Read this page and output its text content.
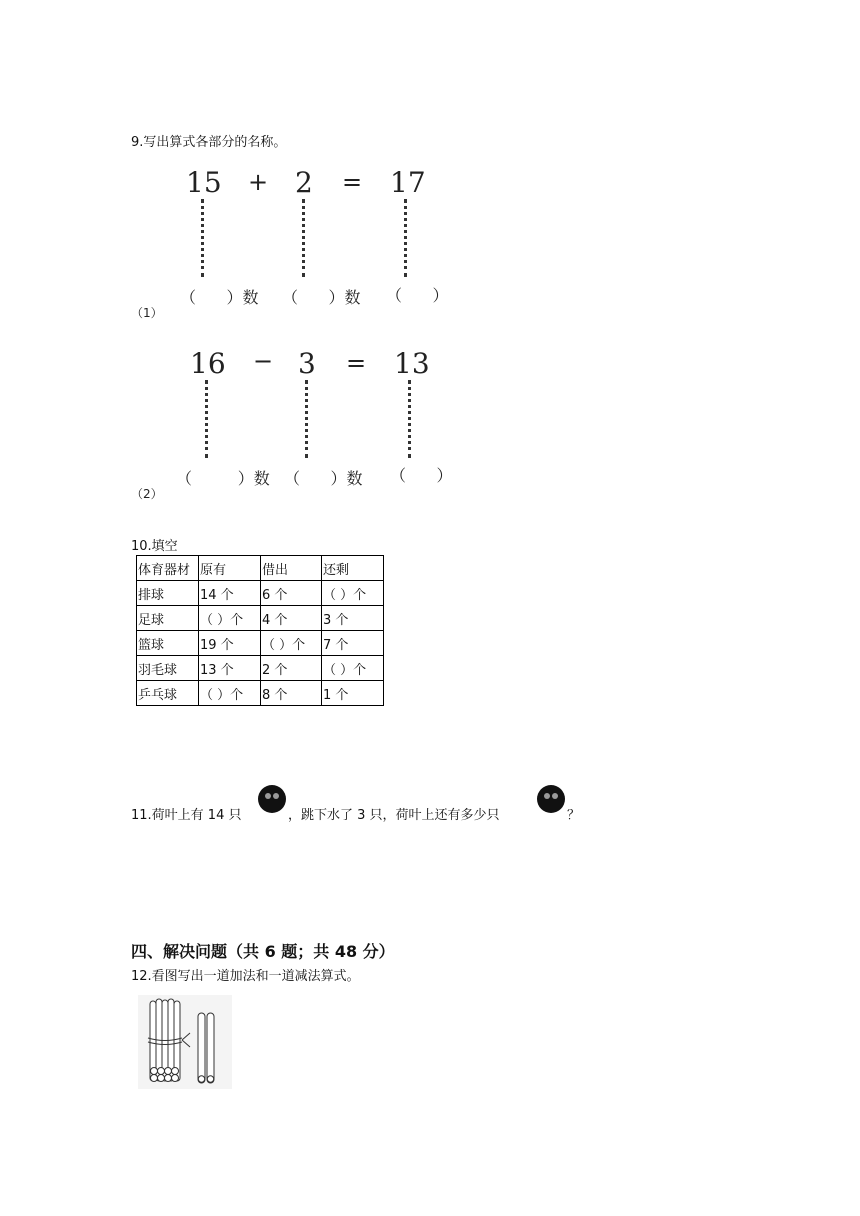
9.写出算式各部分的名称。
15 + 2 = 17
（      ）数 （      ）数 （      ）
（1）
16 − 3 = 13
（         ）数 （      ）数 （      ）
（2）
10.填空
体育器材	原有	借出	还剩
排球	14 个	6 个	（ ）个
足球	（ ）个	4 个	3 个
篮球	19 个	（ ）个	7 个
羽毛球	13 个	2 个	（ ）个
乒乓球	（ ）个	8 个	1 个
11.荷叶上有 14 只	，跳下水了 3 只，荷叶上还有多少只	？
四、解决问题（共 6 题；共 48 分）
12.看图写出一道加法和一道减法算式。
